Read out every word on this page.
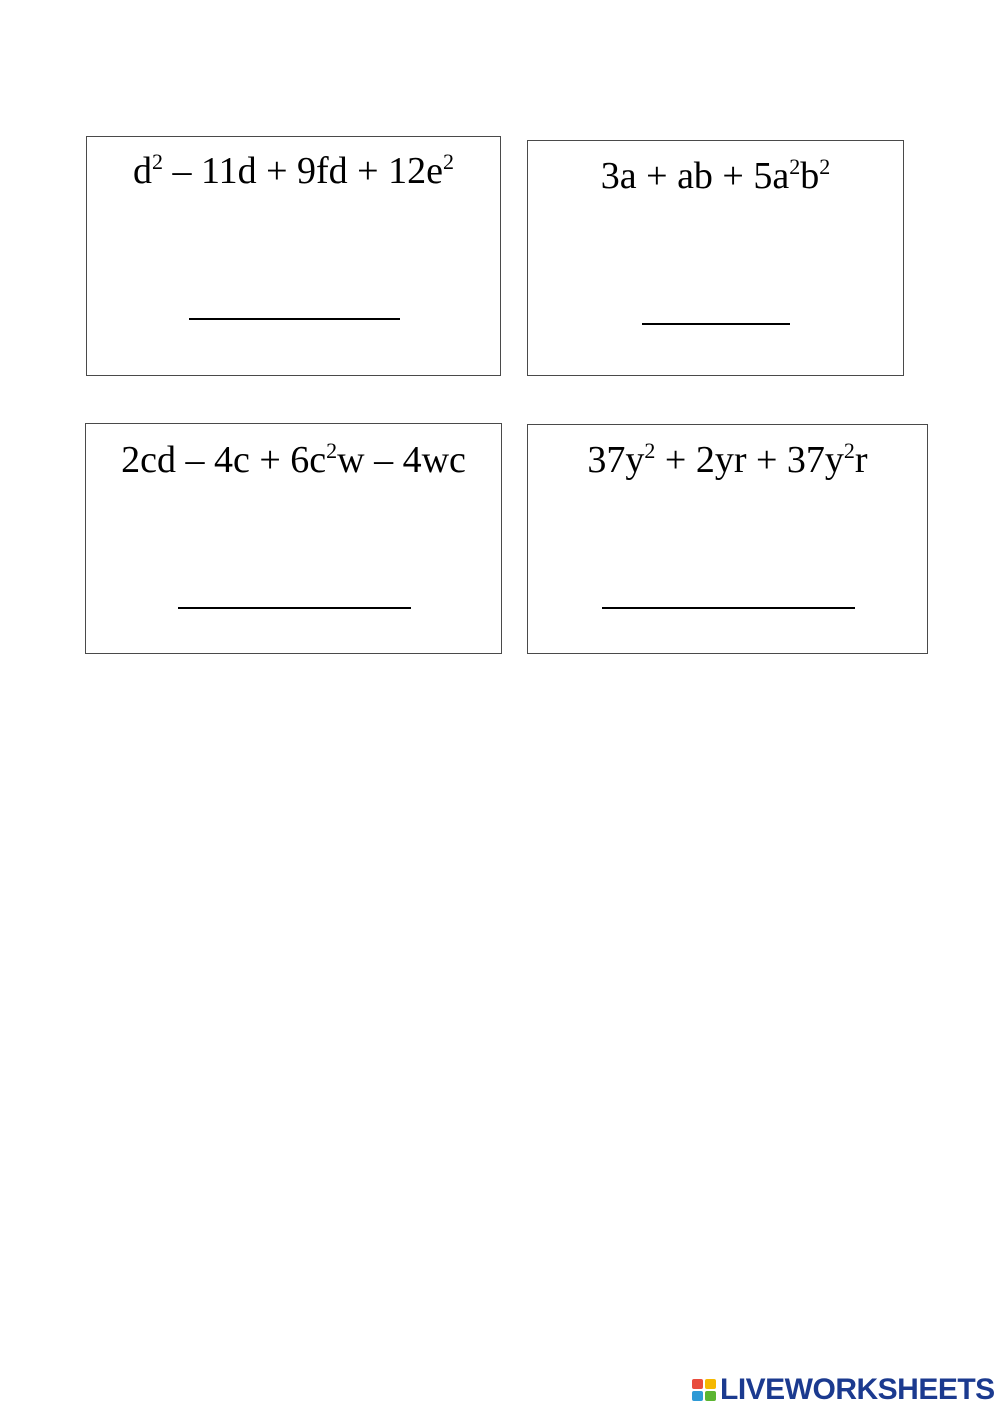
$d^2 - 11d + 9fd + 12e^2$	3a + ab + $5a^2b^2$
$2cd - 4c + 6c^2w - 4wc$	$37y^2 + 2yr + 37y^2r$
LIVEWORKSHEETS
